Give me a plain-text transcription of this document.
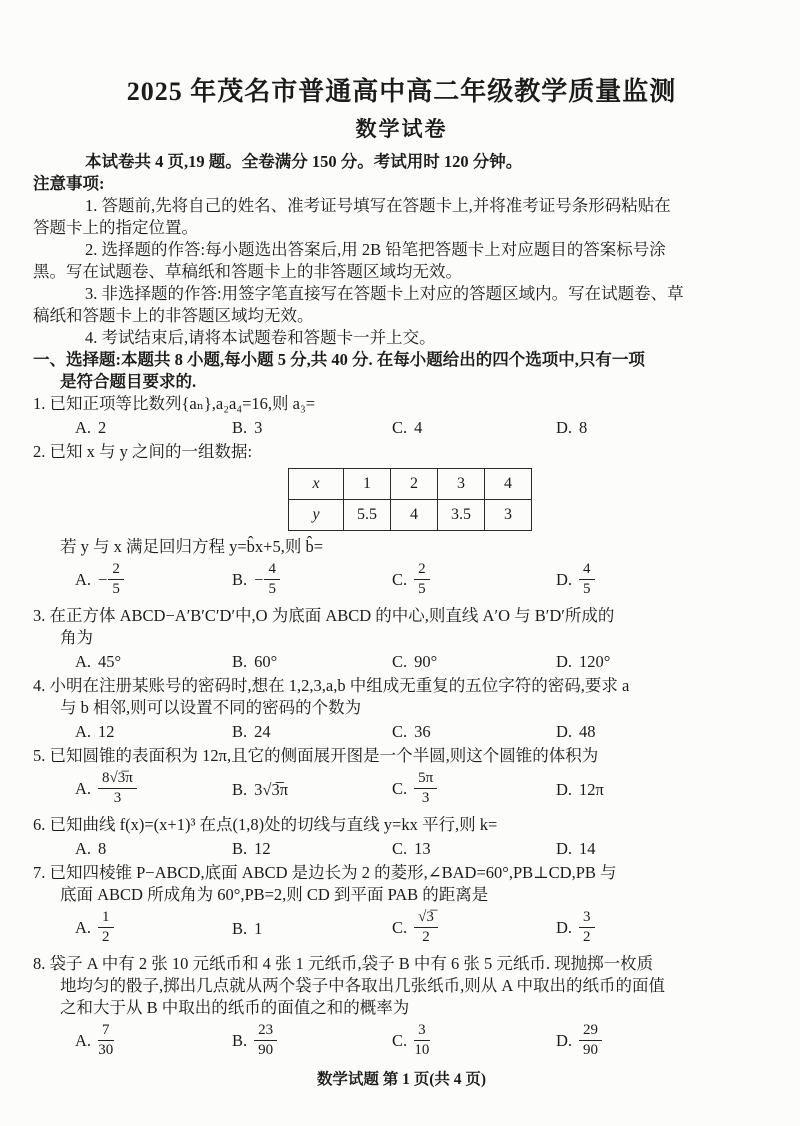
2025 年茂名市普通高中高二年级教学质量监测
数学试卷
本试卷共 4 页,19 题。全卷满分 150 分。考试用时 120 分钟。
注意事项:
1. 答题前,先将自己的姓名、准考证号填写在答题卡上,并将准考证号条形码粘贴在
答题卡上的指定位置。
2. 选择题的作答:每小题选出答案后,用 2B 铅笔把答题卡上对应题目的答案标号涂
黑。写在试题卷、草稿纸和答题卡上的非答题区域均无效。
3. 非选择题的作答:用签字笔直接写在答题卡上对应的答题区域内。写在试题卷、草
稿纸和答题卡上的非答题区域均无效。
4. 考试结束后,请将本试题卷和答题卡一并上交。
一、选择题:本题共 8 小题,每小题 5 分,共 40 分. 在每小题给出的四个选项中,只有一项
是符合题目要求的.
1. 已知正项等比数列{aₙ},a₂a₄=16,则 a₃=
A. 2	B. 3	C. 4	D. 8
2. 已知 x 与 y 之间的一组数据:
x	1	2	3	4
y	5.5	4	3.5	3
若 y 与 x 满足回归方程 y=b̂x+5,则 b̂=
A. − $\frac{2}{5}$	B. − $\frac{4}{5}$	C. $\frac{2}{5}$	D. $\frac{4}{5}$
3. 在正方体 ABCD−A′B′C′D′中,O 为底面 ABCD 的中心,则直线 A′O 与 B′D′所成的
角为
A. 45°	B. 60°	C. 90°	D. 120°
4. 小明在注册某账号的密码时,想在 1,2,3,a,b 中组成无重复的五位字符的密码,要求 a
与 b 相邻,则可以设置不同的密码的个数为
A. 12	B. 24	C. 36	D. 48
5. 已知圆锥的表面积为 12π,且它的侧面展开图是一个半圆,则这个圆锥的体积为
A. $\frac{8√3̅\pi}{3}$	B. 3√3̅π	C. $\frac{5\pi}{3}$	D. 12π
6. 已知曲线 f(x)=(x+1)³ 在点(1,8)处的切线与直线 y=kx 平行,则 k=
A. 8	B. 12	C. 13	D. 14
7. 已知四棱锥 P−ABCD,底面 ABCD 是边长为 2 的菱形,∠BAD=60°,PB⊥CD,PB 与
底面 ABCD 所成角为 60°,PB=2,则 CD 到平面 PAB 的距离是
A. $\frac{1}{2}$	B. 1	C. $\frac{√3̅}{2}$	D. $\frac{3}{2}$
8. 袋子 A 中有 2 张 10 元纸币和 4 张 1 元纸币,袋子 B 中有 6 张 5 元纸币. 现抛掷一枚质
地均匀的骰子,掷出几点就从两个袋子中各取出几张纸币,则从 A 中取出的纸币的面值
之和大于从 B 中取出的纸币的面值之和的概率为
A. $\frac{7}{30}$	B. $\frac{23}{90}$	C. $\frac{3}{10}$	D. $\frac{29}{90}$
数学试题 第 1 页(共 4 页)
